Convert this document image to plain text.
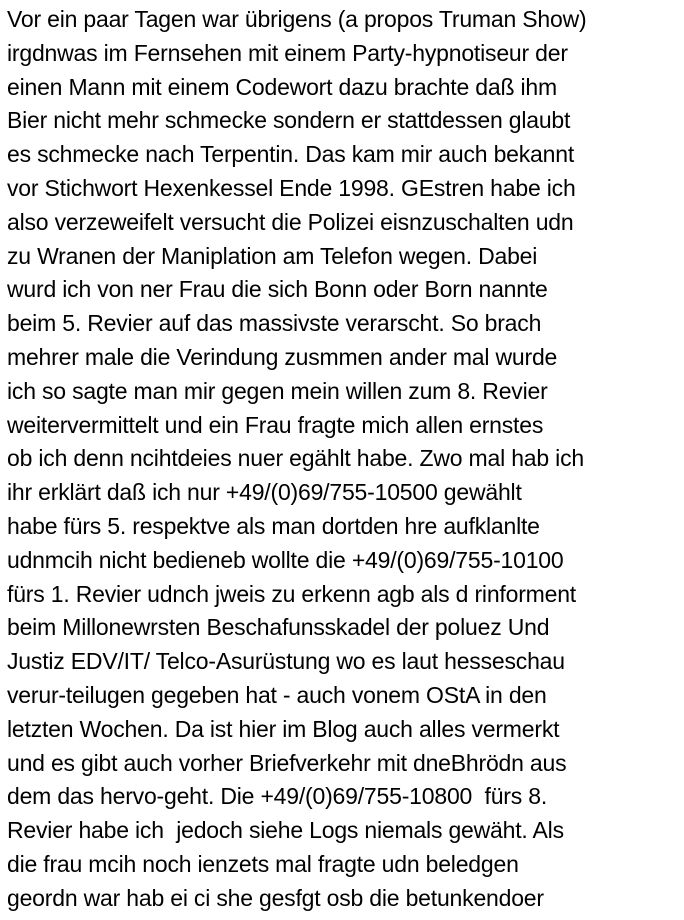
Vor ein paar Tagen war übrigens (a propos Truman Show)
irgdnwas im Fernsehen mit einem Party-hypnotiseur der
einen Mann mit einem Codewort dazu brachte daß ihm
Bier nicht mehr schmecke sondern er stattdessen glaubt
es schmecke nach Terpentin. Das kam mir auch bekannt
vor Stichwort Hexenkessel Ende 1998. GEstren habe ich
also verzeweifelt versucht die Polizei eisnzuschalten udn
zu Wranen der Maniplation am Telefon wegen. Dabei
wurd ich von ner Frau die sich Bonn oder Born nannte
beim 5. Revier auf das massivste verarscht. So brach
mehrer male die Verindung zusmmen ander mal wurde
ich so sagte man mir gegen mein willen zum 8. Revier
weitervermittelt und ein Frau fragte mich allen ernstes
ob ich denn ncihtdeies nuer egählt habe. Zwo mal hab ich
ihr erklärt daß ich nur +49/(0)69/755-10500 gewählt
habe fürs 5. respektve als man dortden hre aufklanlte
udnmcih nicht bedieneb wollte die +49/(0)69/755-10100
fürs 1. Revier udnch jweis zu erkenn agb als d rinforment
beim Millonewrsten Beschafunsskadel der poluez Und
Justiz EDV/IT/ Telco-Asurüstung wo es laut hesseschau
verur-teilugen gegeben hat - auch vonem OStA in den
letzten Wochen. Da ist hier im Blog auch alles vermerkt
und es gibt auch vorher Briefverkehr mit dneBhrödn aus
dem das hervo-geht. Die +49/(0)69/755-10800  fürs 8.
Revier habe ich  jedoch siehe Logs niemals gewäht. Als
die frau mcih noch ienzets mal fragte udn beledgen
geordn war hab ei ci she gesfgt osb die betunkendoer
